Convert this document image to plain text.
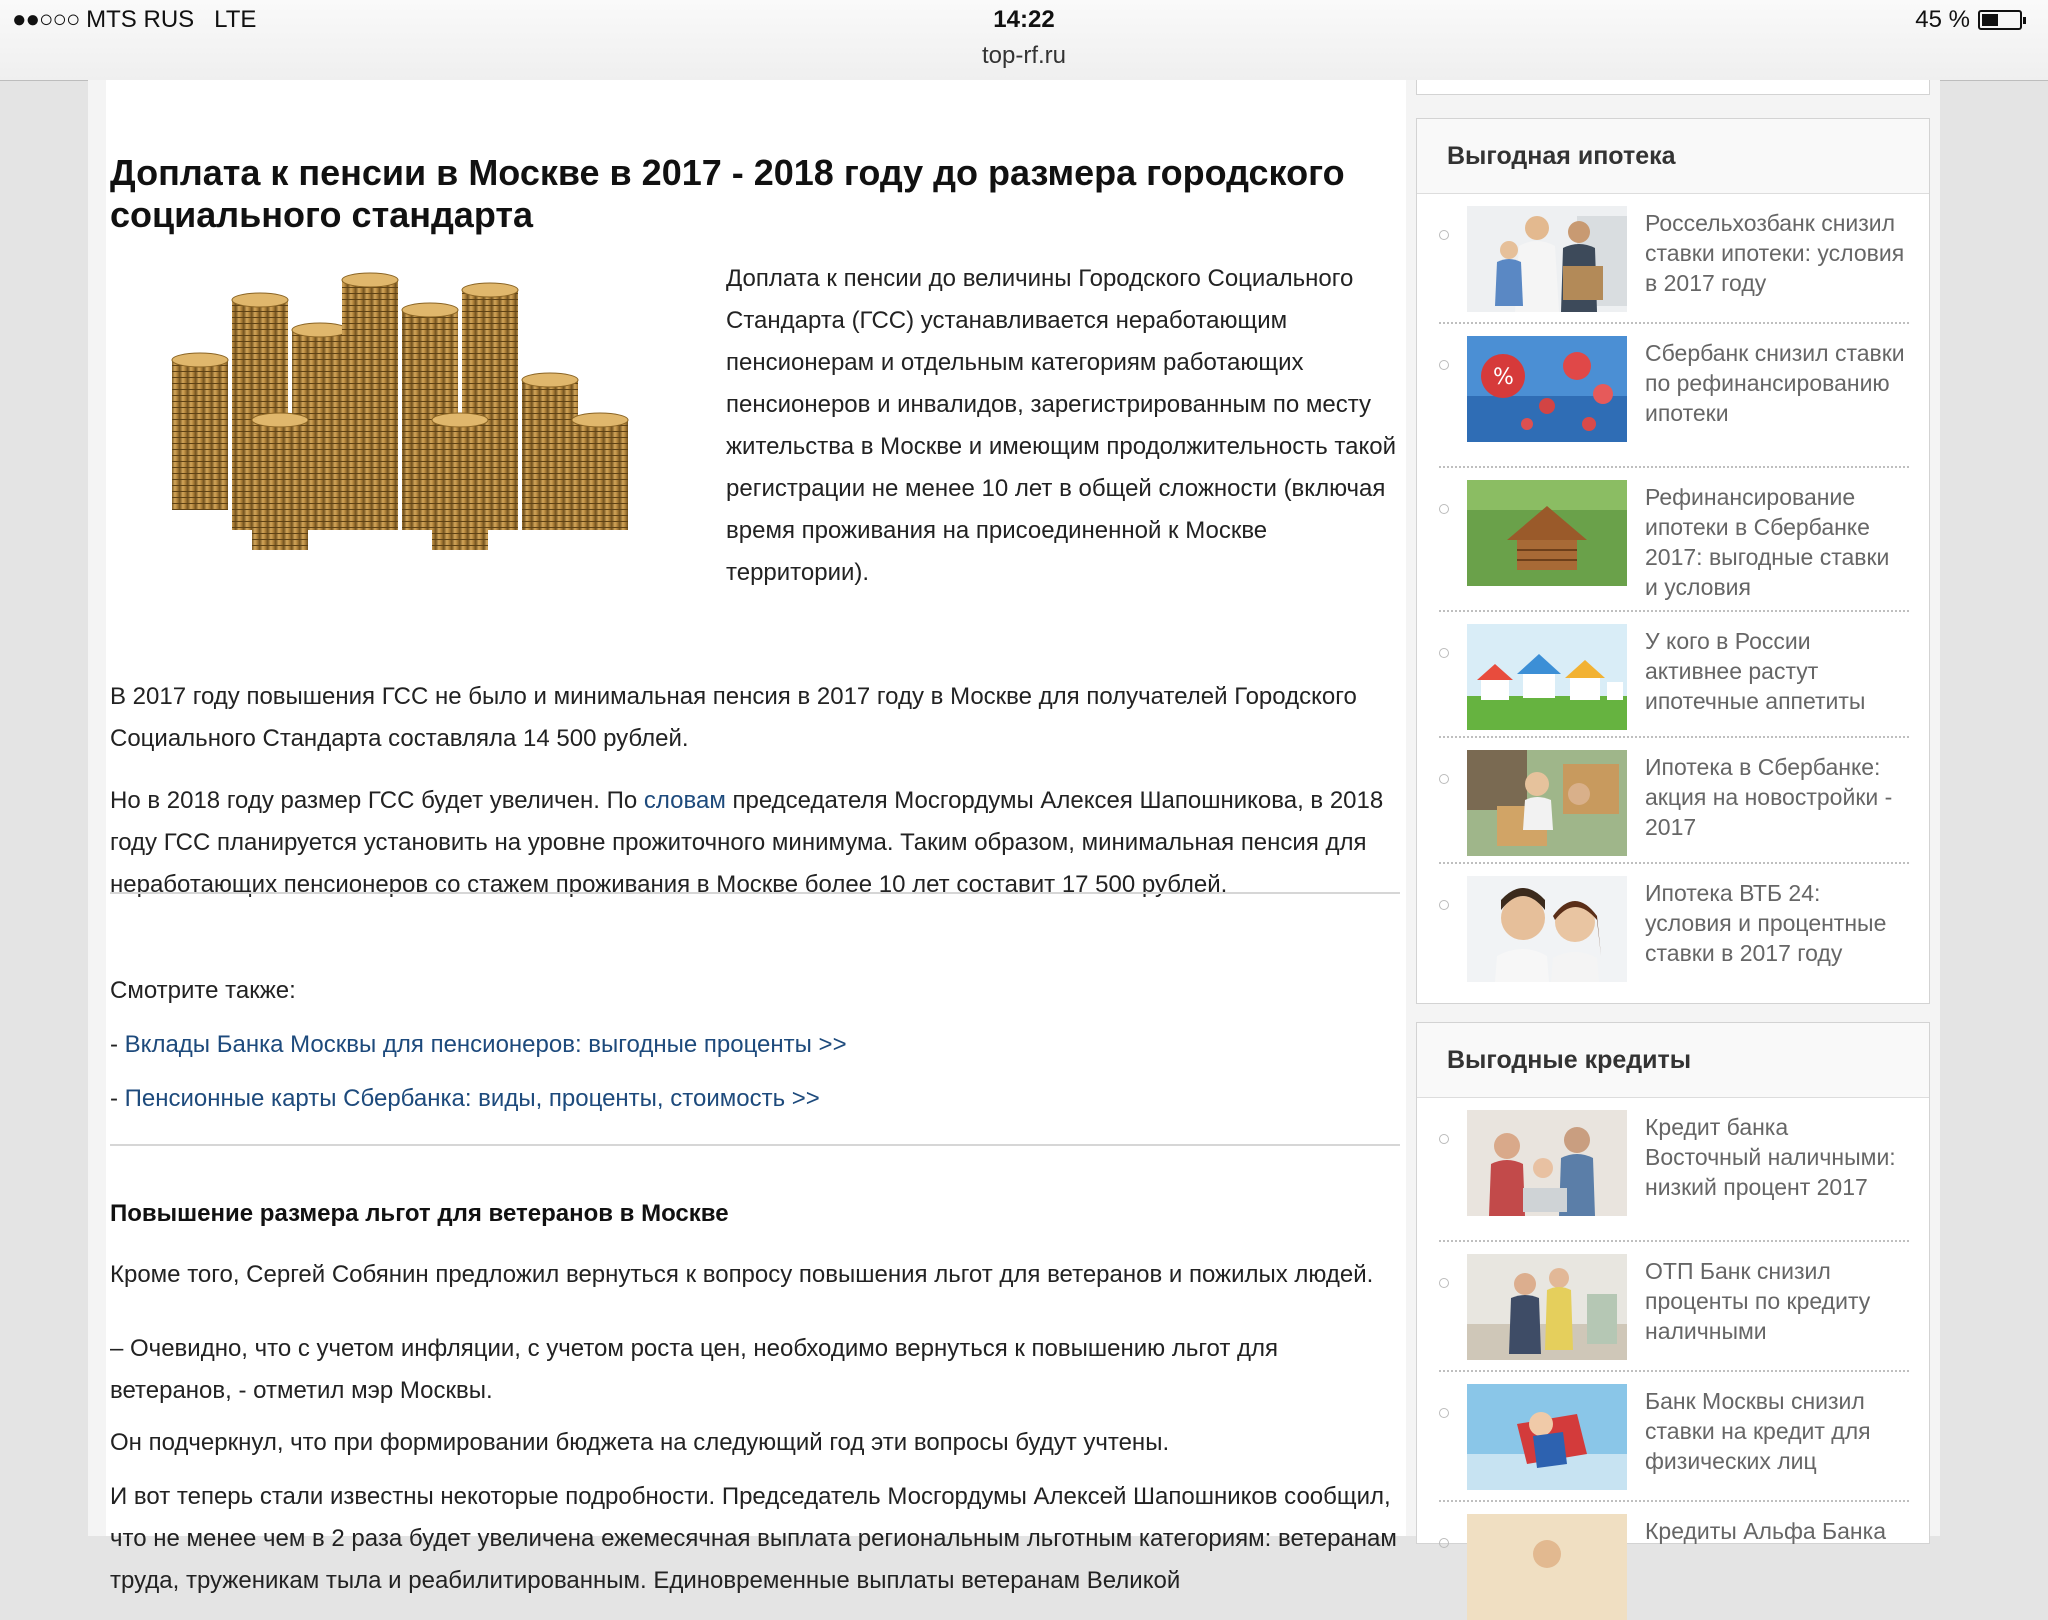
●●○○○ MTS RUS LTE	14:22
top-rf.ru
45 %
Доплата к пенсии в Москве в 2017 - 2018 году до размера городского социального стандарта

Доплата к пенсии до величины Городского Социального Стандарта (ГСС) устанавливается неработающим пенсионерам и отдельным категориям работающих пенсионеров и инвалидов, зарегистрированным по месту жительства в Москве и имеющим продолжительность такой регистрации не менее 10 лет в общей сложности (включая время проживания на присоединенной к Москве территории).

В 2017 году повышения ГСС не было и минимальная пенсия в 2017 году в Москве для получателей Городского Социального Стандарта составляла 14 500 рублей.

Но в 2018 году размер ГСС будет увеличен. По словам председателя Мосгордумы Алексея Шапошникова, в 2018 году ГСС планируется установить на уровне прожиточного минимума. Таким образом, минимальная пенсия для неработающих пенсионеров со стажем проживания в Москве более 10 лет составит 17 500 рублей.

Смотрите также:

- Вклады Банка Москвы для пенсионеров: выгодные проценты >>

- Пенсионные карты Сбербанка: виды, проценты, стоимость >>

Повышение размера льгот для ветеранов в Москве

Кроме того, Сергей Собянин предложил вернуться к вопросу повышения льгот для ветеранов и пожилых людей.

– Очевидно, что с учетом инфляции, с учетом роста цен, необходимо вернуться к повышению льгот для ветеранов, - отметил мэр Москвы.

Он подчеркнул, что при формировании бюджета на следующий год эти вопросы будут учтены.

И вот теперь стали известны некоторые подробности. Председатель Мосгордумы Алексей Шапошников сообщил, что не менее чем в 2 раза будет увеличена ежемесячная выплата региональным льготным категориям: ветеранам труда, труженикам тыла и реабилитированным. Единовременные выплаты ветеранам Великой

Выгодная ипотека
Россельхозбанк снизил ставки ипотеки: условия в 2017 году
%
Сбербанк снизил ставки по рефинансированию ипотеки
Рефинансирование ипотеки в Сбербанке 2017: выгодные ставки и условия
У кого в России активнее растут ипотечные аппетиты
Ипотека в Сбербанке: акция на новостройки - 2017
Ипотека ВТБ 24: условия и процентные ставки в 2017 году
Выгодные кредиты
Кредит банка Восточный наличными: низкий процент 2017
ОТП Банк снизил проценты по кредиту наличными
Банк Москвы снизил ставки на кредит для физических лиц
Кредиты Альфа Банка
